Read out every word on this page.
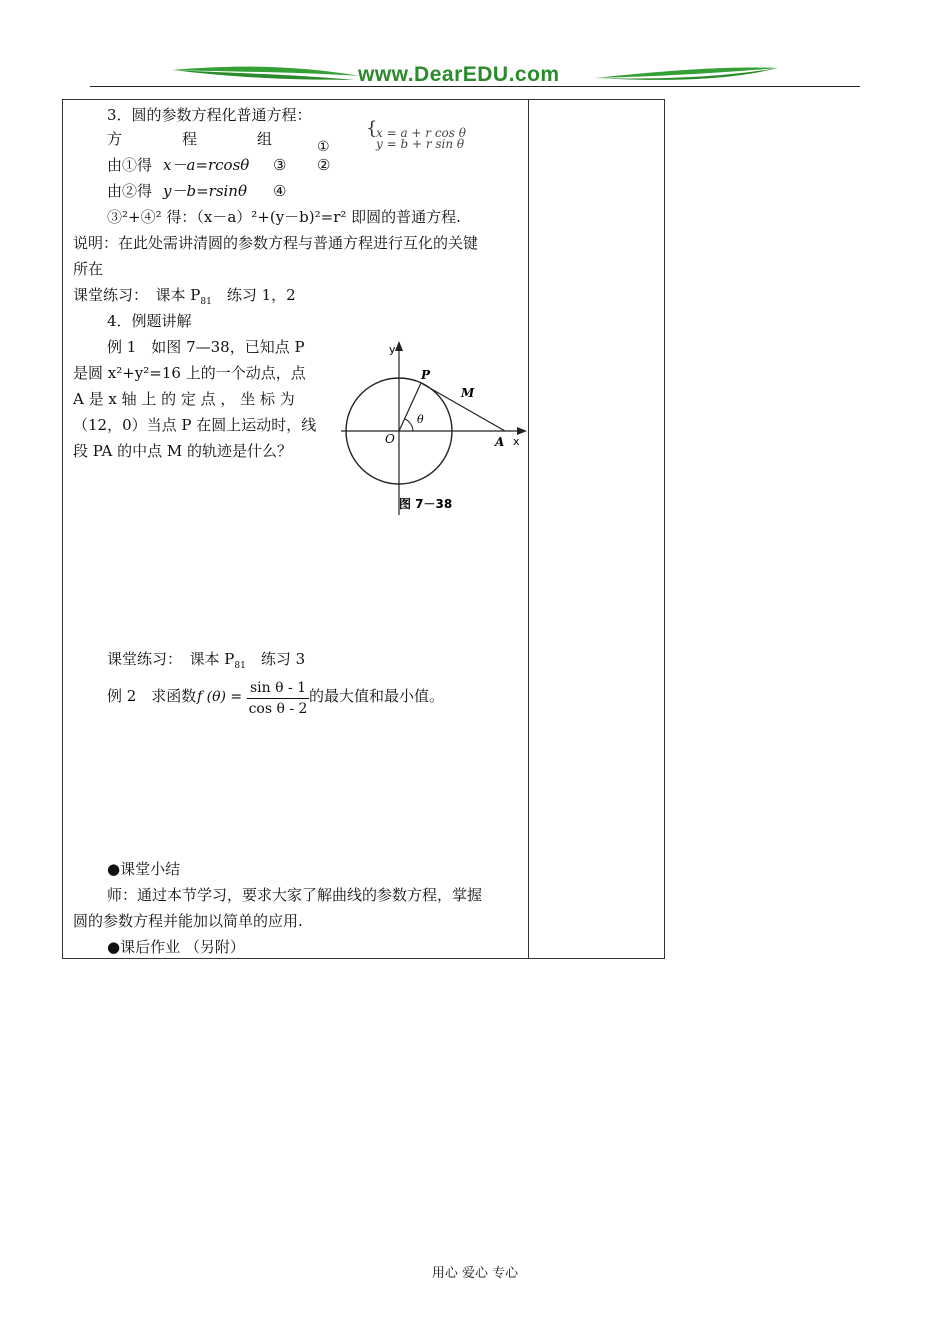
www.DearEDU.com
3．圆的参数方程化普通方程：
方　　　　程　　　　组	①
{
x = a + r cos θ
y = b + r sin θ
由①得 x－a=rcosθ ③ ②
由②得 y－b=rsinθ ④
③²+④² 得：（x－a）²+(y－b)²=r² 即圆的普通方程.
说明：在此处需讲清圆的参数方程与普通方程进行互化的关键
所在
课堂练习：　课本 $P_{81}$　练习 1，2
4．例题讲解
例 1　如图 7—38，已知点 P
是圆 x²+y²=16 上的一个动点，点
A 是 x 轴 上 的 定 点 ， 坐 标 为
（12，0）当点 P 在圆上运动时，线
段 PA 的中点 M 的轨迹是什么？
y
x
O
P
M
A
θ
图 7－38
课堂练习：　课本 $P_{81}$　练习 3
例 2　求函数 f (θ) =
sin θ - 1
cos θ - 2
的最大值和最小值。
●课堂小结
师：通过本节学习，要求大家了解曲线的参数方程，掌握
圆的参数方程并能加以简单的应用.
●课后作业 （另附）
用心 爱心 专心
